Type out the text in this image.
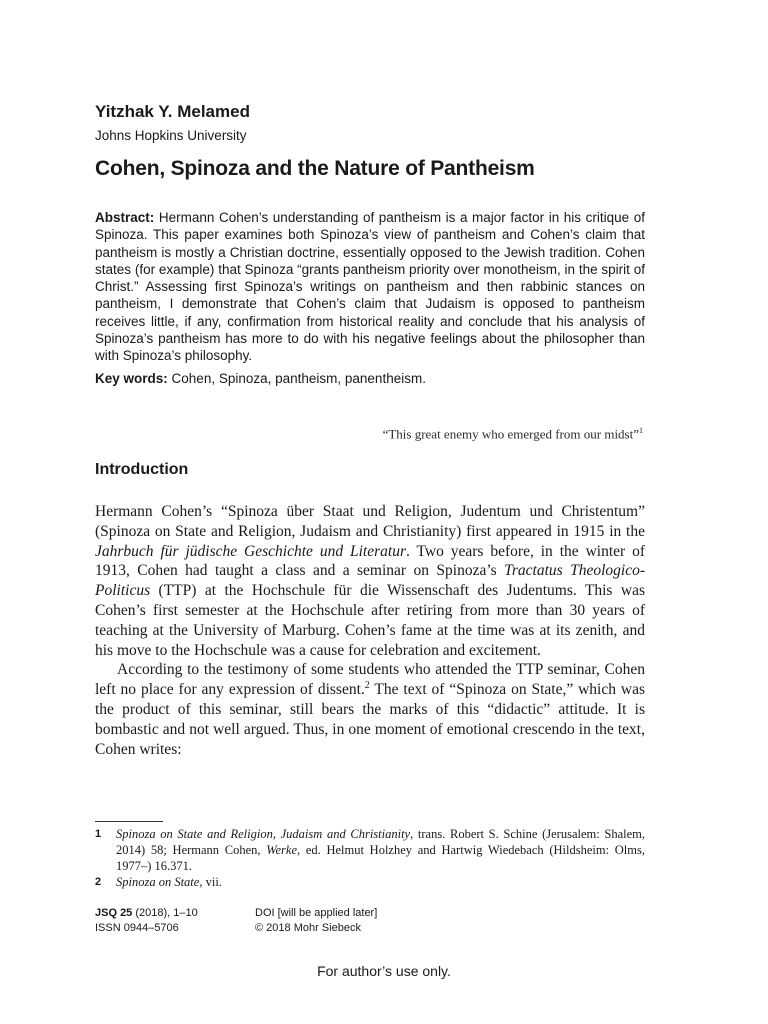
Yitzhak Y. Melamed
Johns Hopkins University
Cohen, Spinoza and the Nature of Pantheism
Abstract: Hermann Cohen’s understanding of pantheism is a major factor in his critique of Spinoza. This paper examines both Spinoza’s view of pantheism and Cohen’s claim that pantheism is mostly a Christian doctrine, essentially opposed to the Jewish tradition. Cohen states (for example) that Spinoza “grants pantheism priority over monotheism, in the spirit of Christ.” Assessing first Spinoza’s writings on pantheism and then rabbinic stances on pantheism, I demonstrate that Cohen’s claim that Judaism is opposed to pantheism receives little, if any, confirmation from historical reality and conclude that his analysis of Spinoza’s pantheism has more to do with his negative feelings about the philosopher than with Spinoza’s philosophy.
Key words: Cohen, Spinoza, pantheism, panentheism.
“This great enemy who emerged from our midst”$^1$
Introduction

Hermann Cohen’s “Spinoza über Staat und Religion, Judentum und Christentum” (Spinoza on State and Religion, Judaism and Christianity) first appeared in 1915 in the Jahrbuch für jüdische Geschichte und Literatur. Two years before, in the winter of 1913, Cohen had taught a class and a seminar on Spinoza’s Tractatus Theologico-Politicus (TTP) at the Hochschule für die Wissenschaft des Judentums. This was Cohen’s first semester at the Hochschule after retiring from more than 30 years of teaching at the University of Marburg. Cohen’s fame at the time was at its zenith, and his move to the Hochschule was a cause for celebration and excitement.

According to the testimony of some students who attended the TTP seminar, Cohen left no place for any expression of dissent.$^2$ The text of “Spinoza on State,” which was the product of this seminar, still bears the marks of this “didactic” attitude. It is bombastic and not well argued. Thus, in one moment of emotional crescendo in the text, Cohen writes:

1 Spinoza on State and Religion, Judaism and Christianity, trans. Robert S. Schine (Jerusalem: Shalem, 2014) 58; Hermann Cohen, Werke, ed. Helmut Holzhey and Hartwig Wiedebach (Hildsheim: Olms, 1977–) 16.371.
2 Spinoza on State, vii.
JSQ 25 (2018), 1–10
ISSN 0944–5706
DOI [will be applied later]
© 2018 Mohr Siebeck
For author’s use only.
